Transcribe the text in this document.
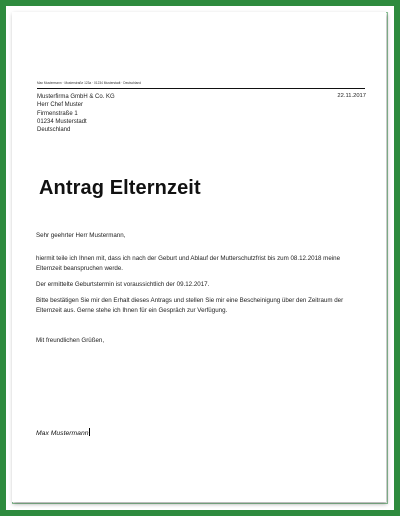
Max Mustermann · Musterstraße 123a · 01234 Musterstadt · Deutschland
22.11.2017
Musterfirma GmbH & Co. KG
Herr Chef Muster
Firmenstraße 1
01234 Musterstadt
Deutschland
Antrag Elternzeit
Sehr geehrter Herr Mustermann,
hiermit teile ich Ihnen mit, dass ich nach der Geburt und Ablauf der Mutterschutzfrist bis zum 08.12.2018 meine Elternzeit beanspruchen werde.
Der ermittelte Geburtstermin ist voraussichtlich der 09.12.2017.
Bitte bestätigen Sie mir den Erhalt dieses Antrags und stellen Sie mir eine Bescheinigung über den Zeitraum der Elternzeit aus. Gerne stehe ich Ihnen für ein Gespräch zur Verfügung.
Mit freundlichen Grüßen,
Max Mustermann
